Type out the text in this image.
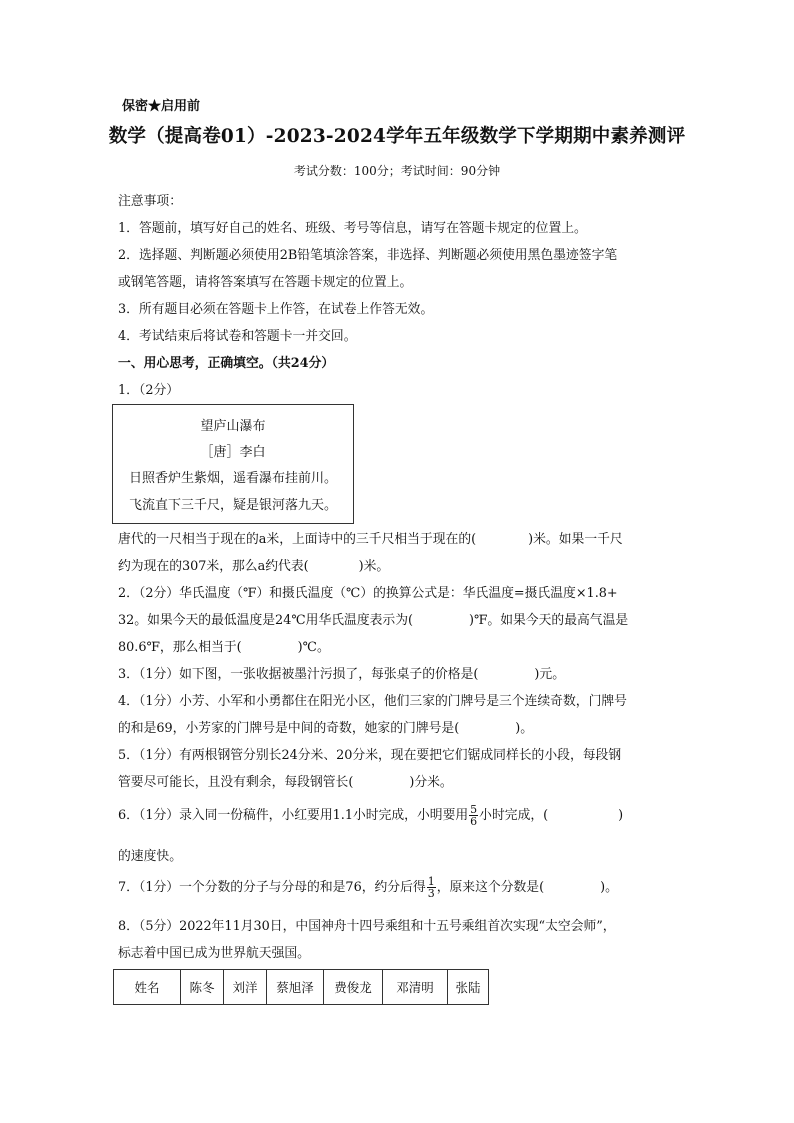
保密★启用前
数学（提高卷01）-2023-2024学年五年级数学下学期期中素养测评
考试分数：100分；考试时间：90分钟
注意事项：
1．答题前，填写好自己的姓名、班级、考号等信息，请写在答题卡规定的位置上。
2．选择题、判断题必须使用2B铅笔填涂答案，非选择、判断题必须使用黑色墨迹签字笔
或钢笔答题，请将答案填写在答题卡规定的位置上。
3．所有题目必须在答题卡上作答，在试卷上作答无效。
4．考试结束后将试卷和答题卡一并交回。
一、用心思考，正确填空。（共24分）
1．（2分）
望庐山瀑布
［唐］李白
日照香炉生紫烟，遥看瀑布挂前川。
飞流直下三千尺，疑是银河落九天。
唐代的一尺相当于现在的a米，上面诗中的三千尺相当于现在的(	)米。如果一千尺
约为现在的307米，那么a约代表(	)米。
2．（2分）华氏温度（℉）和摄氏温度（℃）的换算公式是：华氏温度=摄氏温度×1.8+
32。如果今天的最低温度是24℃用华氏温度表示为(	)℉。如果今天的最高气温是
80.6℉，那么相当于(	)℃。
3．（1分）如下图，一张收据被墨汁污损了，每张桌子的价格是(	)元。
4．（1分）小芳、小军和小勇都住在阳光小区，他们三家的门牌号是三个连续奇数，门牌号
的和是69，小芳家的门牌号是中间的奇数，她家的门牌号是(	)。
5．（1分）有两根钢管分别长24分米、20分米，现在要把它们锯成同样长的小段，每段钢
管要尽可能长，且没有剩余，每段钢管长(	)分米。
6．（1分）录入同一份稿件，小红要用1.1小时完成，小明要用 $\frac{5}{6}$ 小时完成，(	)
的速度快。
7．（1分）一个分数的分子与分母的和是76，约分后得 $\frac{1}{3}$ ，原来这个分数是(	)。
8．（5分）2022年11月30日，中国神舟十四号乘组和十五号乘组首次实现“太空会师”，
标志着中国已成为世界航天强国。
姓名	陈冬	刘洋	蔡旭泽	费俊龙	邓清明	张陆
